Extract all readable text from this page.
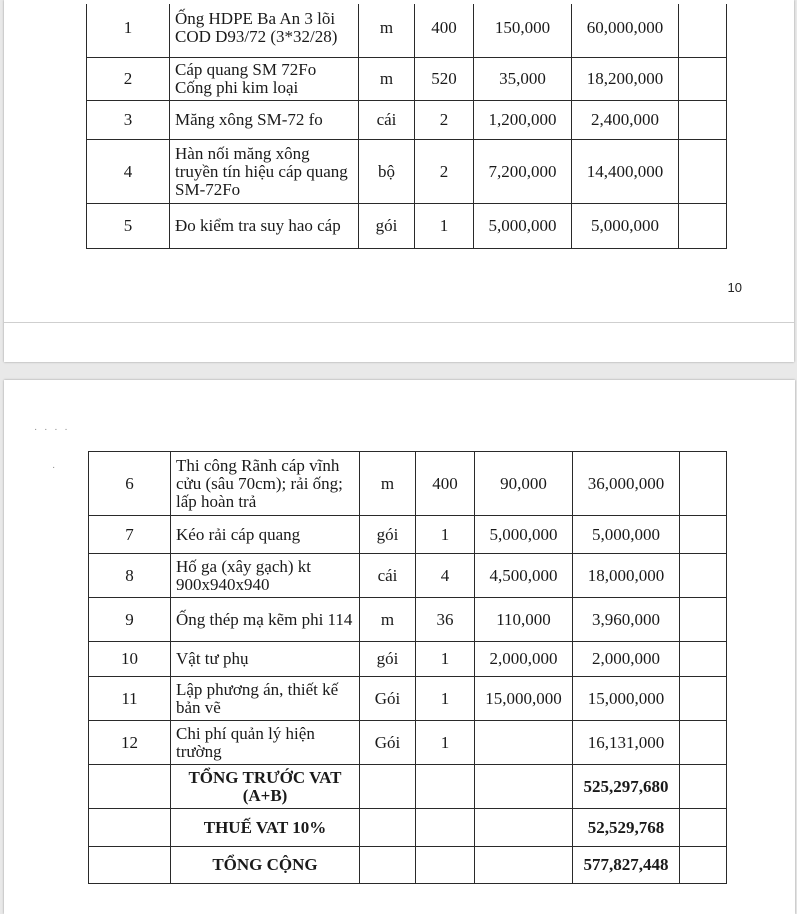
1	Ống HDPE Ba An 3 lõi COD D93/72 (3*32/28)	m	400	150,000	60,000,000	
2	Cáp quang SM 72Fo Cống phi kim loại	m	520	35,000	18,200,000	
3	Măng xông SM-72 fo	cái	2	1,200,000	2,400,000	
4	Hàn nối măng xông truyền tín hiệu cáp quang SM-72Fo	bộ	2	7,200,000	14,400,000	
5	Đo kiểm tra suy hao cáp	gói	1	5,000,000	5,000,000	
10
· · · ·
·
6	Thi công Rãnh cáp vĩnh cửu (sâu 70cm); rải ống; lấp hoàn trả	m	400	90,000	36,000,000	
7	Kéo rải cáp quang	gói	1	5,000,000	5,000,000	
8	Hố ga (xây gạch) kt 900x940x940	cái	4	4,500,000	18,000,000	
9	Ống thép mạ kẽm phi 114	m	36	110,000	3,960,000	
10	Vật tư phụ	gói	1	2,000,000	2,000,000	
11	Lập phương án, thiết kế bản vẽ	Gói	1	15,000,000	15,000,000	
12	Chi phí quản lý hiện trường	Gói	1		16,131,000	
	TỔNG TRƯỚC VAT (A+B)				525,297,680	
	THUẾ VAT 10%				52,529,768	
	TỔNG CỘNG				577,827,448	
